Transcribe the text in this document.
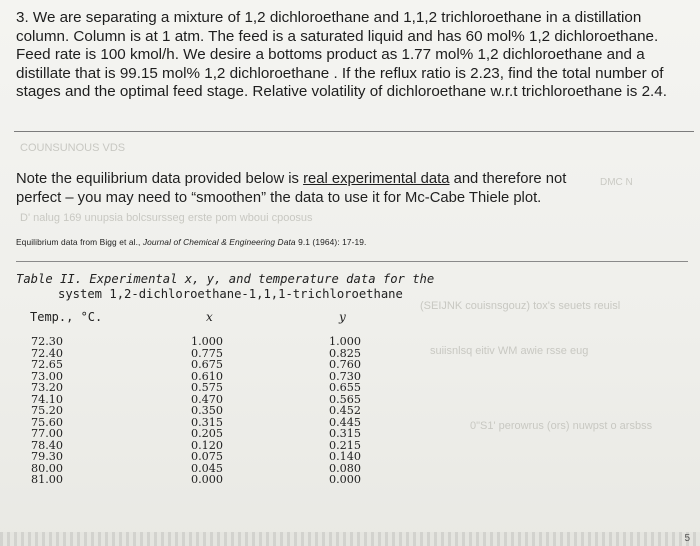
3. We are separating a mixture of 1,2 dichloroethane and 1,1,2 trichloroethane in a distillation

column. Column is at 1 atm. The feed is a saturated liquid and has 60 mol% 1,2 dichloroethane.

Feed rate is 100 kmol/h. We desire a bottoms product as 1.77 mol% 1,2 dichloroethane and a

distillate that is 99.15 mol% 1,2 dichloroethane . If the reflux ratio is 2.23, find the total number of

stages and the optimal feed stage. Relative volatility of dichloroethane w.r.t trichloroethane is 2.4.

COUNSUNOUS VDS
D' nalug 169 unupsia bolcsursseg erste pom wboui cpoosus
DMC N

Note the equilibrium data provided below is real experimental data and therefore not

perfect – you may need to “smoothen” the data to use it for Mc-Cabe Thiele plot.

Equilibrium data from Bigg et al., Journal of Chemical & Engineering Data 9.1 (1964): 17-19.
Table II. Experimental x, y, and temperature data for the
system 1,2-dichloroethane-1,1,1-trichloroethane
Temp., °C.	x	y
72.30
72.40
72.65
73.00
73.20
74.10
75.20
75.60
77.00
78.40
79.30
80.00
81.00
1.000
0.775
0.675
0.610
0.575
0.470
0.350
0.315
0.205
0.120
0.075
0.045
0.000
1.000
0.825
0.760
0.730
0.655
0.565
0.452
0.445
0.315
0.215
0.140
0.080
0.000
(SEIJNK couisnsgouz) tox's seuets reuisl
suiisnlsq eitiv WM awie rsse eug
0"S1' perowrus (ors) nuwpst o arsbss
5
